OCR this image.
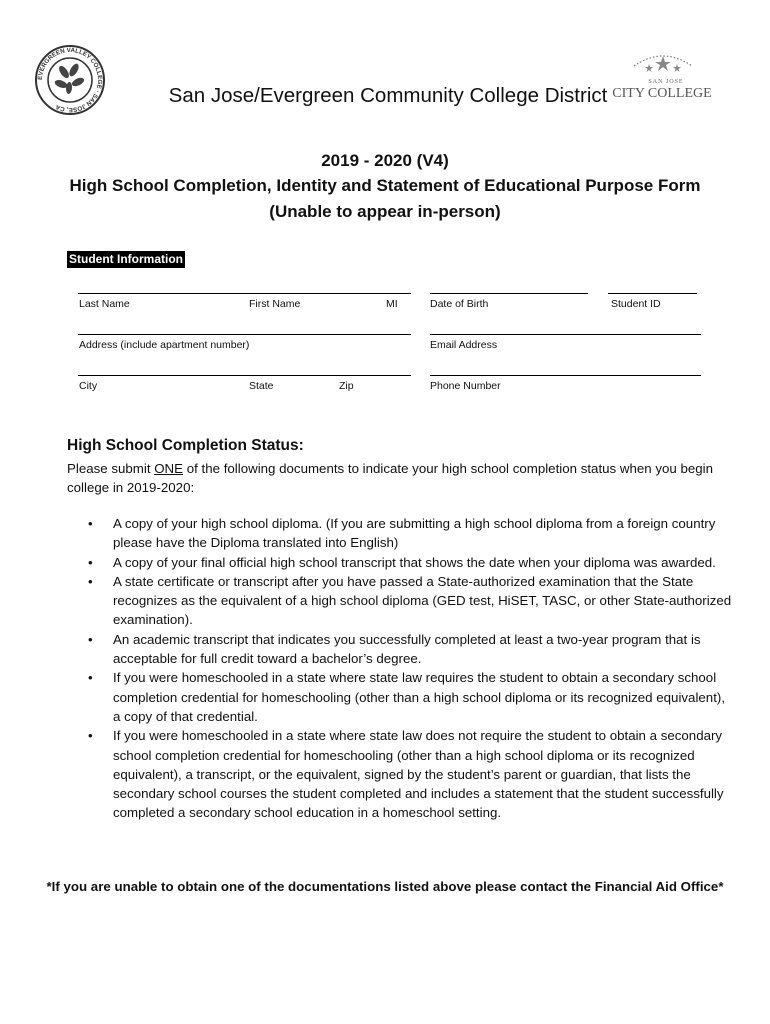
EVERGREEN VALLEY COLLEGE · SAN JOSE, CA
SAN JOSE
CITY COLLEGE
San Jose/Evergreen Community College District
2019 - 2020 (V4)
High School Completion, Identity and Statement of Educational Purpose Form
(Unable to appear in-person)
Student Information
Last Name	First Name	MI	Date of Birth	Student ID
Address (include apartment number)	Email Address
City	State	Zip	Phone Number
High School Completion Status:
Please submit ONE of the following documents to indicate your high school completion status when you begin college in 2019-2020:
• A copy of your high school diploma. (If you are submitting a high school diploma from a foreign country please have the Diploma translated into English)
• A copy of your final official high school transcript that shows the date when your diploma was awarded.
• A state certificate or transcript after you have passed a State-authorized examination that the State recognizes as the equivalent of a high school diploma (GED test, HiSET, TASC, or other State-authorized examination).
• An academic transcript that indicates you successfully completed at least a two-year program that is acceptable for full credit toward a bachelor’s degree.
• If you were homeschooled in a state where state law requires the student to obtain a secondary school completion credential for homeschooling (other than a high school diploma or its recognized equivalent), a copy of that credential.
• If you were homeschooled in a state where state law does not require the student to obtain a secondary school completion credential for homeschooling (other than a high school diploma or its recognized equivalent), a transcript, or the equivalent, signed by the student’s parent or guardian, that lists the secondary school courses the student completed and includes a statement that the student successfully completed a secondary school education in a homeschool setting.
*If you are unable to obtain one of the documentations listed above please contact the Financial Aid Office*
